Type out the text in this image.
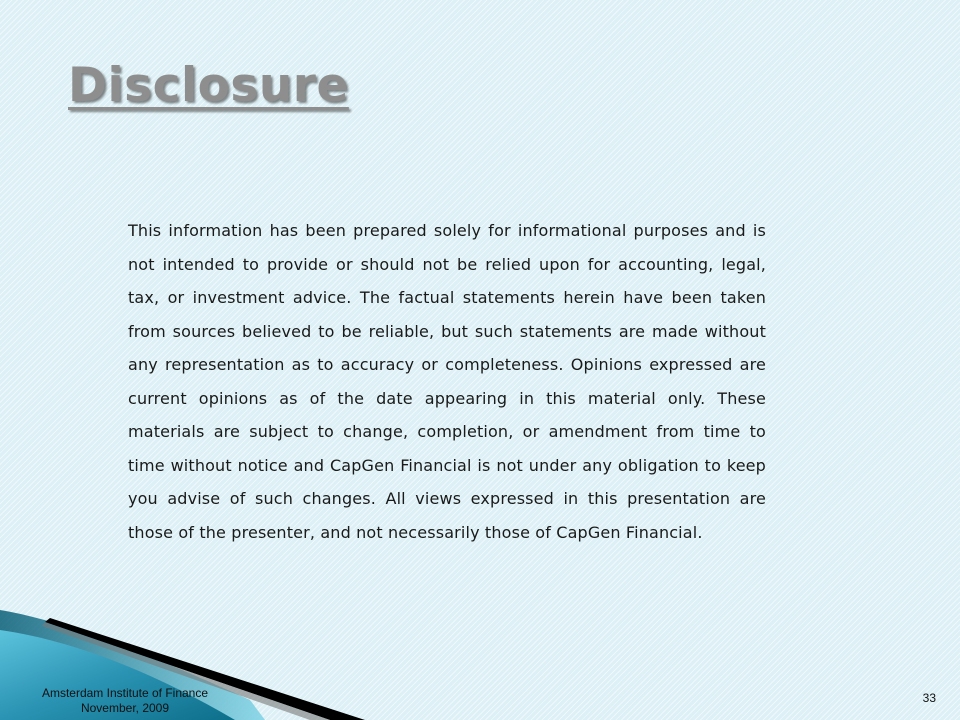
Disclosure

This information has been prepared solely for informational purposes and is not intended to provide or should not be relied upon for accounting, legal, tax, or investment advice. The factual statements herein have been taken from sources believed to be reliable, but such statements are made without any representation as to accuracy or completeness. Opinions expressed are current opinions as of the date appearing in this material only. These materials are subject to change, completion, or amendment from time to time without notice and CapGen Financial is not under any obligation to keep you advise of such changes. All views expressed in this presentation are those of the presenter, and not necessarily those of CapGen Financial.

Amsterdam Institute of Finance
November, 2009
33
